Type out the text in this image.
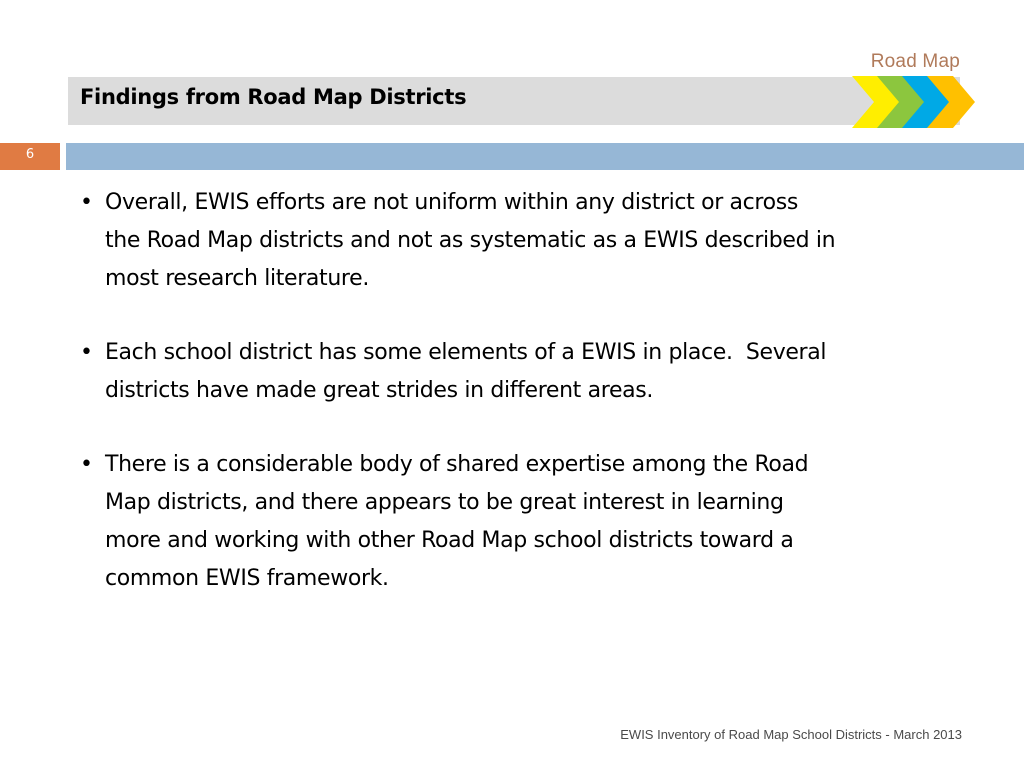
Road Map
Findings from Road Map Districts
6
• Overall, EWIS efforts are not uniform within any district or across
the Road Map districts and not as systematic as a EWIS described in
most research literature.
• Each school district has some elements of a EWIS in place.  Several
districts have made great strides in different areas.
• There is a considerable body of shared expertise among the Road
Map districts, and there appears to be great interest in learning
more and working with other Road Map school districts toward a
common EWIS framework.
EWIS Inventory of Road Map School Districts - March 2013
